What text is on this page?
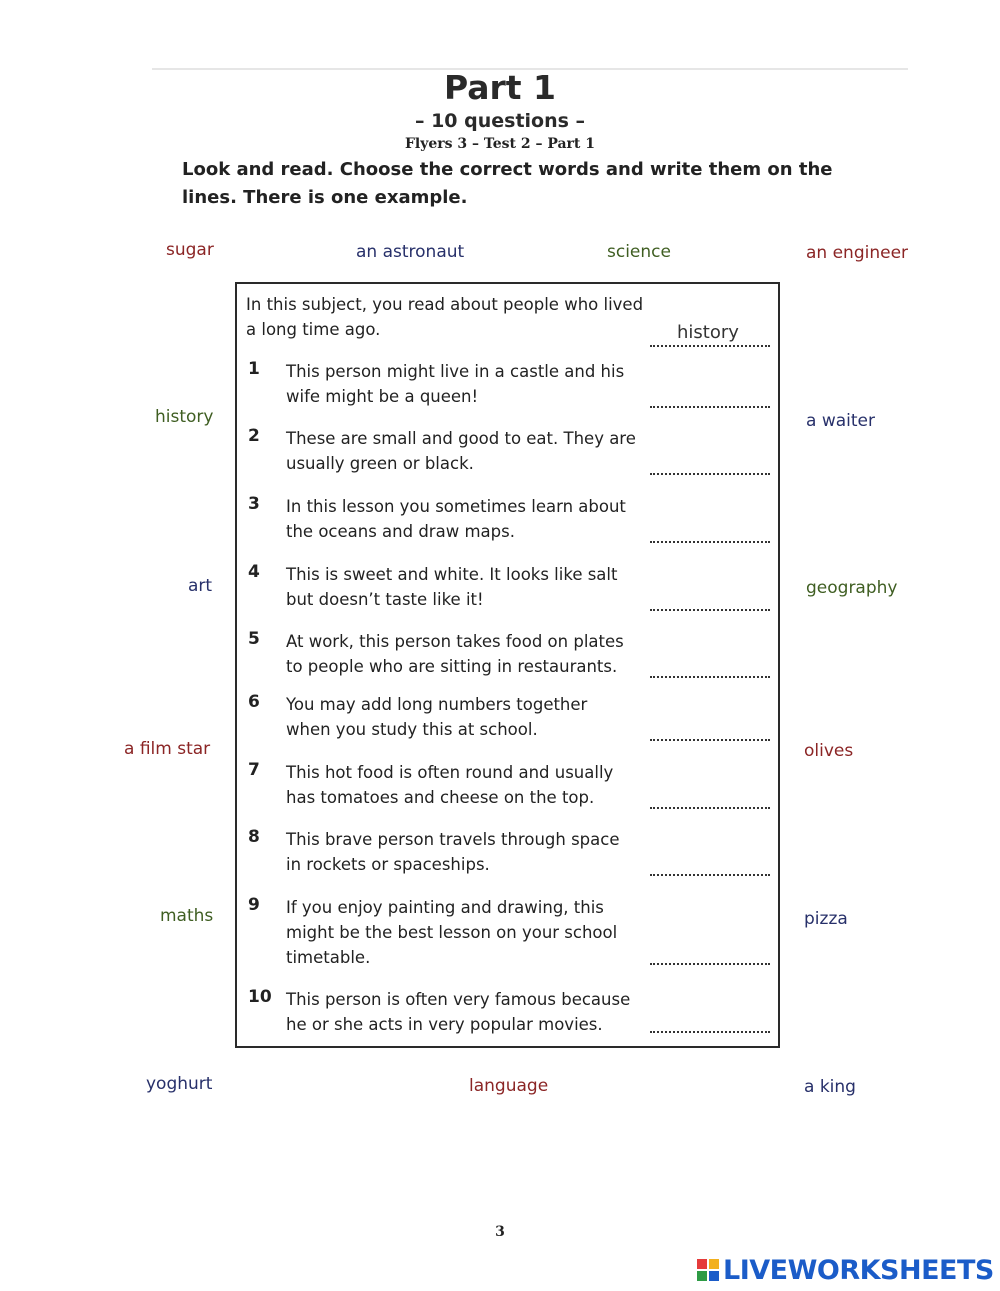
Part 1
– 10 questions –
Flyers 3 – Test 2 – Part 1
Look and read. Choose the correct words and write them on the lines. There is one example.
sugar	an astronaut	science	an engineer
history	a waiter
art	geography
a film star	olives
maths	pizza
yoghurt	language	a king
In this subject, you read about people who lived a long time ago.	history
1	This person might live in a castle and his wife might be a queen!
2	These are small and good to eat. They are usually green or black.
3	In this lesson you sometimes learn about the oceans and draw maps.
4	This is sweet and white. It looks like salt but doesn’t taste like it!
5	At work, this person takes food on plates to people who are sitting in restaurants.
6	You may add long numbers together when you study this at school.
7	This hot food is often round and usually has tomatoes and cheese on the top.
8	This brave person travels through space in rockets or spaceships.
9	If you enjoy painting and drawing, this might be the best lesson on your school timetable.
10 This person is often very famous because he or she acts in very popular movies.
3
LIVEWORKSHEETS
